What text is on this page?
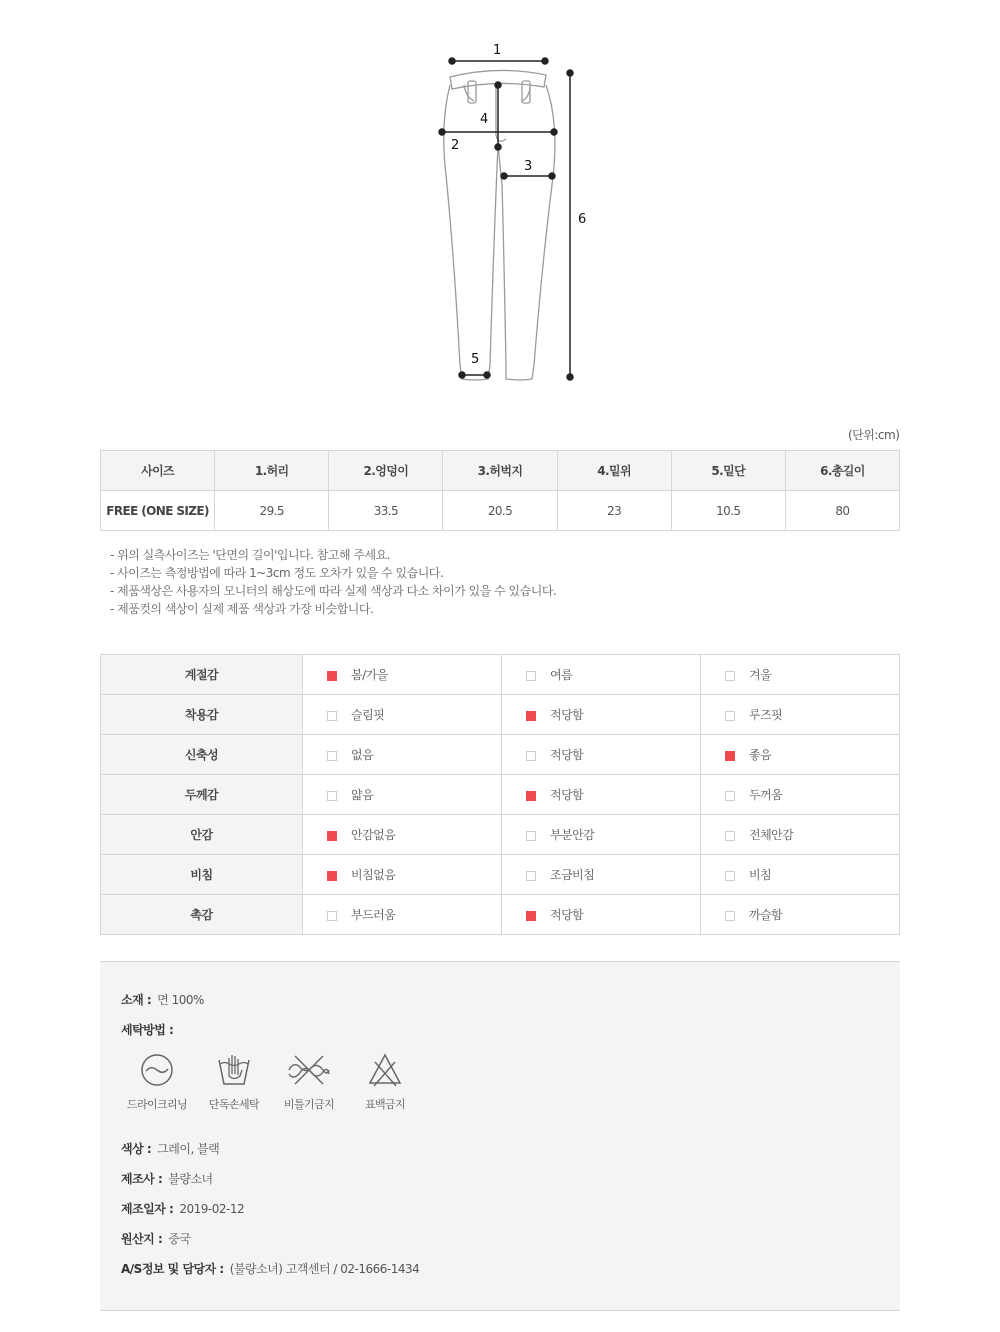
1
2
3
4
5
6
(단위:cm)
사이즈	1.허리	2.엉덩이	3.허벅지	4.밑위	5.밑단	6.총길이
FREE (ONE SIZE)	29.5	33.5	20.5	23	10.5	80
- 위의 실측사이즈는 '단면의 길이'입니다. 참고해 주세요.
- 사이즈는 측정방법에 따라 1~3cm 정도 오차가 있을 수 있습니다.
- 제품색상은 사용자의 모니터의 해상도에 따라 실제 색상과 다소 차이가 있을 수 있습니다.
- 제품컷의 색상이 실제 제품 색상과 가장 비슷합니다.
계절감	봄/가을	여름	겨울
착용감	슬림핏	적당함	루즈핏
신축성	없음	적당함	좋음
두께감	얇음	적당함	두꺼움
안감	안감없음	부분안감	전체안감
비침	비침없음	조금비침	비침
촉감	부드러움	적당함	까슬함
소재 : 면 100%
세탁방법 :
드라이크리닝	단독손세탁	비틀기금지	표백금지
색상 : 그레이, 블랙
제조사 : 불량소녀
제조일자 : 2019-02-12
원산지 : 중국
A/S정보 및 담당자 : (불량소녀) 고객센터 / 02-1666-1434
